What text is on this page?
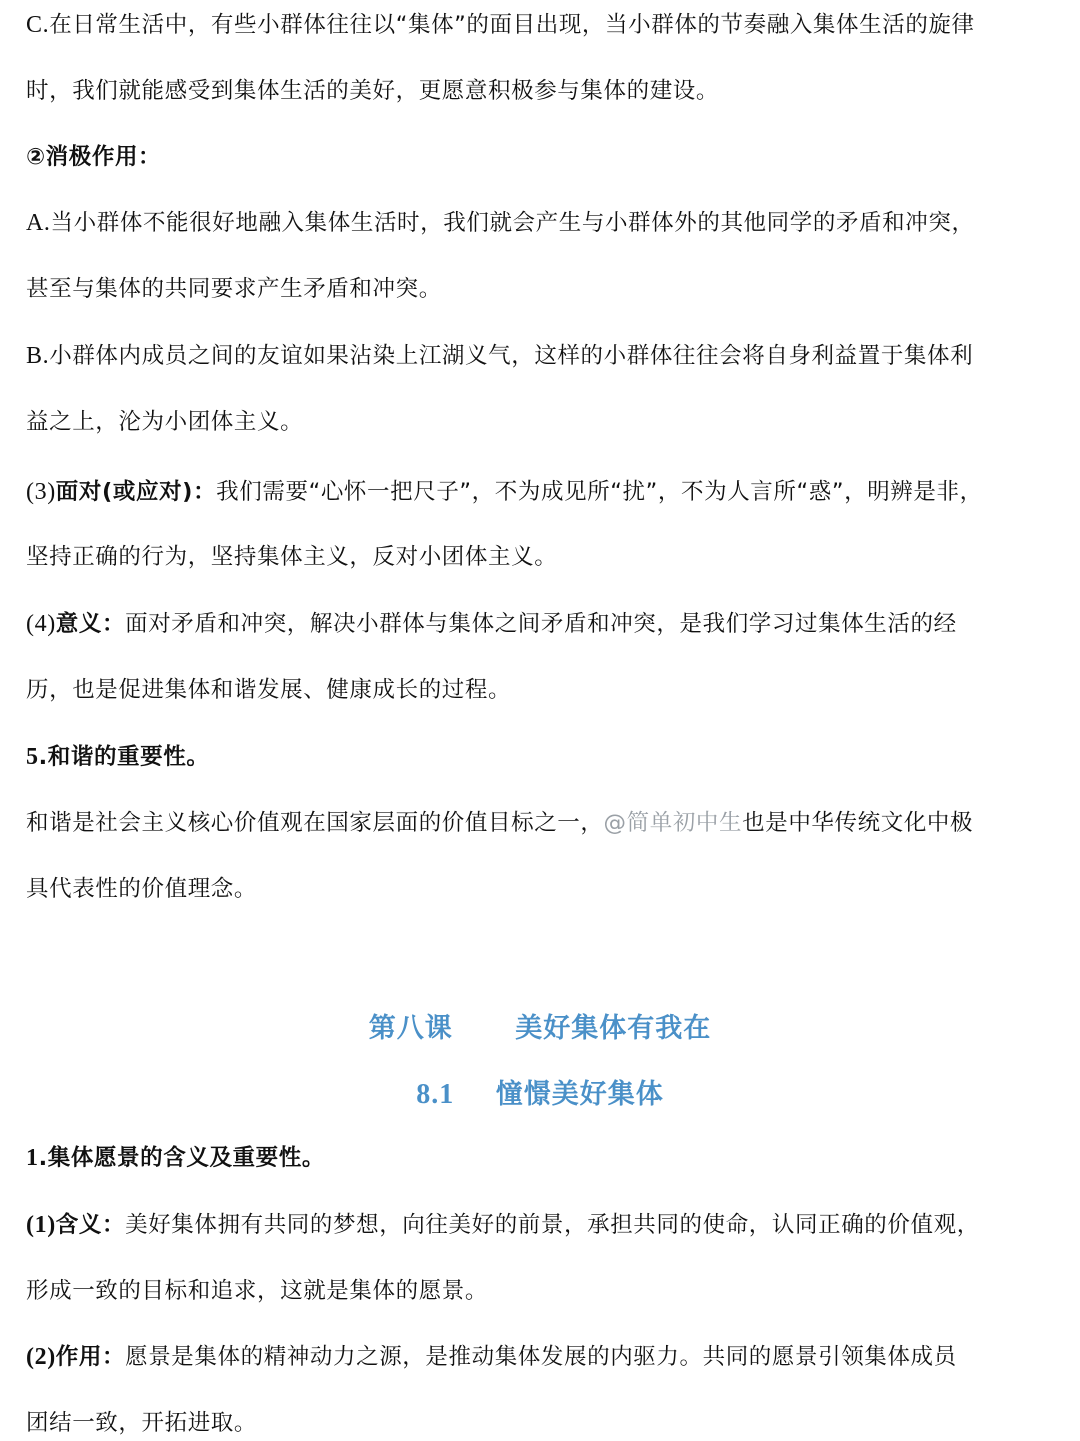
C.在日常生活中，有些小群体往往以“集体”的面目出现，当小群体的节奏融入集体生活的旋律
时，我们就能感受到集体生活的美好，更愿意积极参与集体的建设。
②消极作用：
A.当小群体不能很好地融入集体生活时，我们就会产生与小群体外的其他同学的矛盾和冲突，
甚至与集体的共同要求产生矛盾和冲突。
B.小群体内成员之间的友谊如果沾染上江湖义气，这样的小群体往往会将自身利益置于集体利
益之上，沦为小团体主义。
(3)面对(或应对)：我们需要“心怀一把尺子”，不为成见所“扰”，不为人言所“惑”，明辨是非，
坚持正确的行为，坚持集体主义，反对小团体主义。
(4)意义：面对矛盾和冲突，解决小群体与集体之间矛盾和冲突，是我们学习过集体生活的经
历，也是促进集体和谐发展、健康成长的过程。
5.和谐的重要性。
和谐是社会主义核心价值观在国家层面的价值目标之一，@简单初中生也是中华传统文化中极
具代表性的价值理念。
第八课      美好集体有我在
8.1 憧憬美好集体
1.集体愿景的含义及重要性。
(1)含义：美好集体拥有共同的梦想，向往美好的前景，承担共同的使命，认同正确的价值观，
形成一致的目标和追求，这就是集体的愿景。
(2)作用：愿景是集体的精神动力之源，是推动集体发展的内驱力。共同的愿景引领集体成员
团结一致，开拓进取。
